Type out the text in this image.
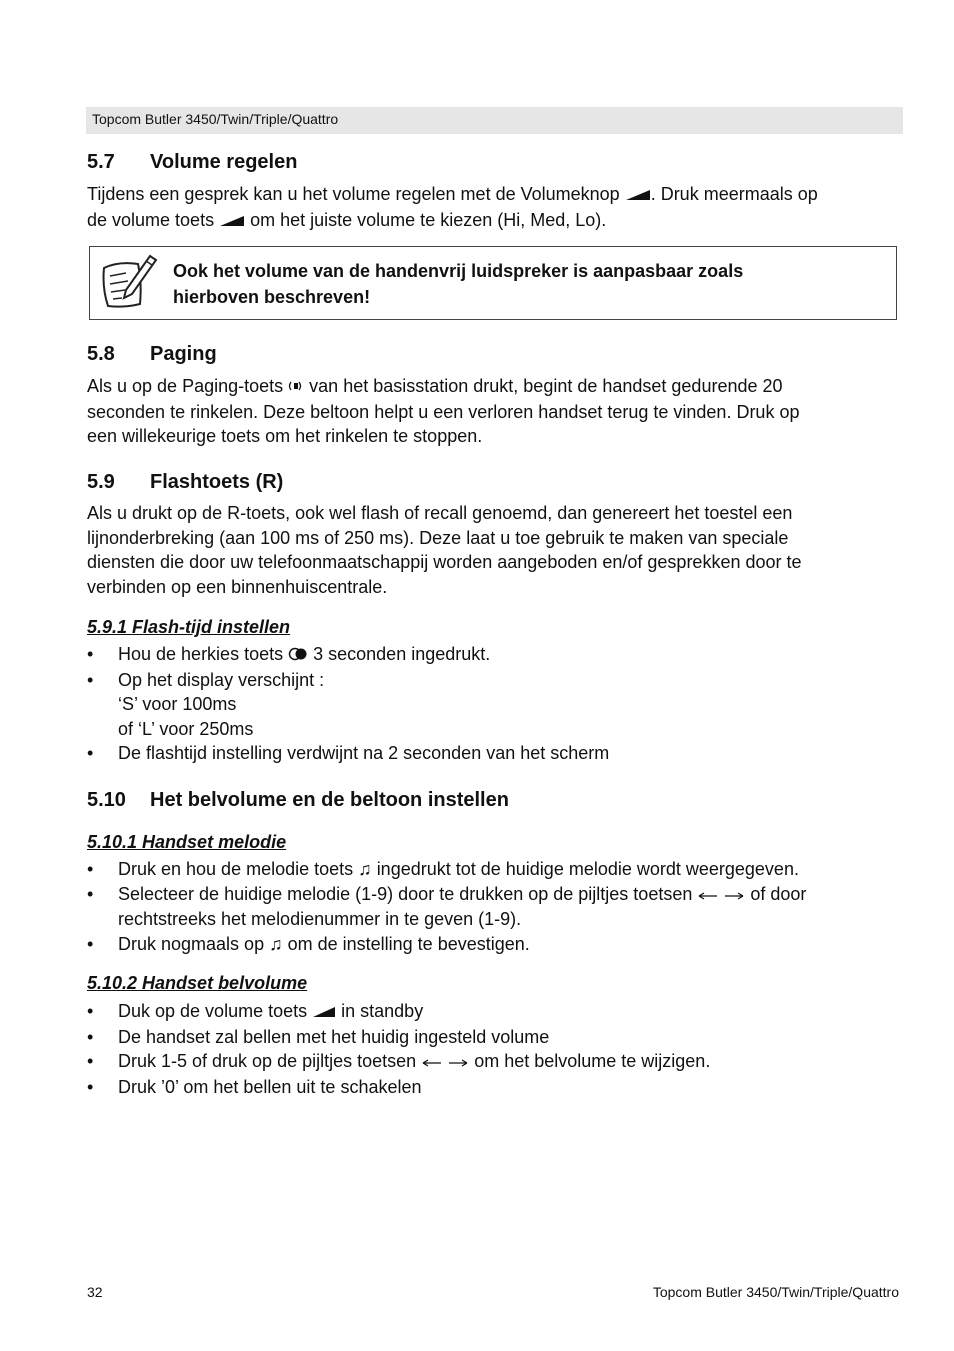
Topcom Butler 3450/Twin/Triple/Quattro
5.7 Volume regelen
Tijdens een gesprek kan u het volume regelen met de Volumeknop . Druk meermaals op
de volume toets om het juiste volume te kiezen (Hi, Med, Lo).
Ook het volume van de handenvrij luidspreker is aanpasbaar zoals
hierboven beschreven!
5.8 Paging
Als u op de Paging-toets van het basisstation drukt, begint de handset gedurende 20
seconden te rinkelen. Deze beltoon helpt u een verloren handset terug te vinden. Druk op
een willekeurige toets om het rinkelen te stoppen.
5.9 Flashtoets (R)
Als u drukt op de R-toets, ook wel flash of recall genoemd, dan genereert het toestel een
lijnonderbreking (aan 100 ms of 250 ms). Deze laat u toe gebruik te maken van speciale
diensten die door uw telefoonmaatschappij worden aangeboden en/of gesprekken door te
verbinden op een binnenhuiscentrale.
5.9.1 Flash-tijd instellen
• Hou de herkies toets 3 seconden ingedrukt.
• Op het display verschijnt :
‘S’ voor 100ms
of ‘L’ voor 250ms
• De flashtijd instelling verdwijnt na 2 seconden van het scherm
5.10 Het belvolume en de beltoon instellen
5.10.1 Handset melodie
• Druk en hou de melodie toets ♫ ingedrukt tot de huidige melodie wordt weergegeven.
• Selecteer de huidige melodie (1-9) door te drukken op de pijltjes toetsen	of door
rechtstreeks het melodienummer in te geven (1-9).
• Druk nogmaals op ♫ om de instelling te bevestigen.
5.10.2 Handset belvolume
• Duk op de volume toets in standby
• De handset zal bellen met het huidig ingesteld volume
• Druk 1-5 of druk op de pijltjes toetsen	om het belvolume te wijzigen.
• Druk ’0’ om het bellen uit te schakelen
32	Topcom Butler 3450/Twin/Triple/Quattro
